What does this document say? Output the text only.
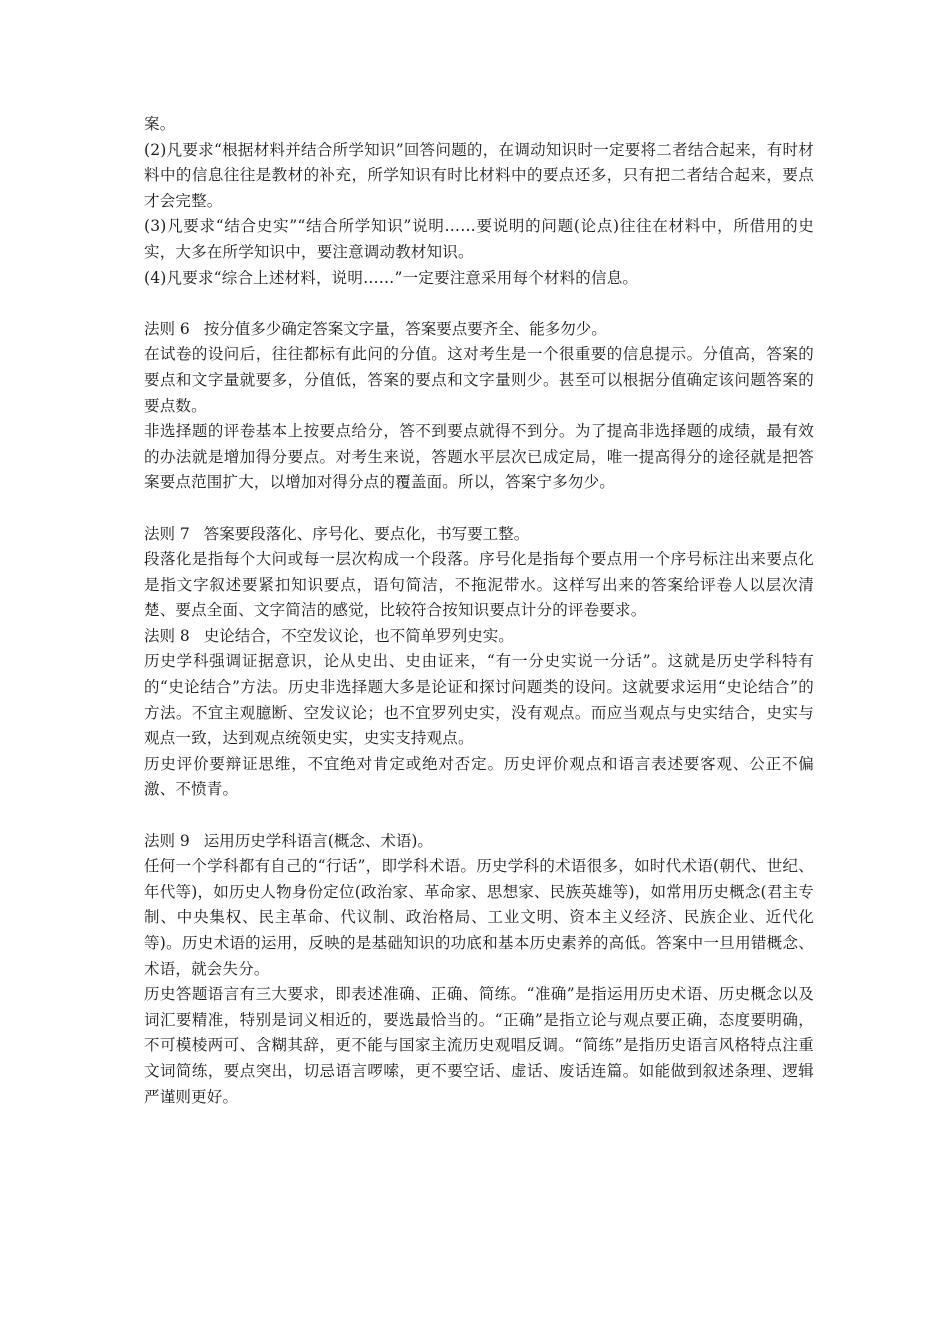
案。

(2)凡要求“根据材料并结合所学知识”回答问题的，在调动知识时一定要将二者结合起来，有时材料中的信息往往是教材的补充，所学知识有时比材料中的要点还多，只有把二者结合起来，要点才会完整。

(3)凡要求“结合史实”“结合所学知识”说明……要说明的问题(论点)往往在材料中，所借用的史实，大多在所学知识中，要注意调动教材知识。

(4)凡要求“综合上述材料，说明……”一定要注意采用每个材料的信息。

法则 6 按分值多少确定答案文字量，答案要点要齐全、能多勿少。

在试卷的设问后，往往都标有此问的分值。这对考生是一个很重要的信息提示。分值高，答案的要点和文字量就要多，分值低，答案的要点和文字量则少。甚至可以根据分值确定该问题答案的要点数。

非选择题的评卷基本上按要点给分，答不到要点就得不到分。为了提高非选择题的成绩，最有效的办法就是增加得分要点。对考生来说，答题水平层次已成定局，唯一提高得分的途径就是把答案要点范围扩大，以增加对得分点的覆盖面。所以，答案宁多勿少。

法则 7 答案要段落化、序号化、要点化，书写要工整。

段落化是指每个大问或每一层次构成一个段落。序号化是指每个要点用一个序号标注出来要点化是指文字叙述要紧扣知识要点，语句简洁，不拖泥带水。这样写出来的答案给评卷人以层次清楚、要点全面、文字简洁的感觉，比较符合按知识要点计分的评卷要求。

法则 8 史论结合，不空发议论，也不简单罗列史实。

历史学科强调证据意识，论从史出、史由证来，“有一分史实说一分话”。这就是历史学科特有的“史论结合”方法。历史非选择题大多是论证和探讨问题类的设问。这就要求运用“史论结合”的方法。不宜主观臆断、空发议论；也不宜罗列史实，没有观点。而应当观点与史实结合，史实与观点一致，达到观点统领史实，史实支持观点。

历史评价要辩证思维，不宜绝对肯定或绝对否定。历史评价观点和语言表述要客观、公正不偏激、不愤青。

法则 9 运用历史学科语言(概念、术语)。

任何一个学科都有自己的“行话”，即学科术语。历史学科的术语很多，如时代术语(朝代、世纪、年代等)，如历史人物身份定位(政治家、革命家、思想家、民族英雄等)，如常用历史概念(君主专制、中央集权、民主革命、代议制、政治格局、工业文明、资本主义经济、民族企业、近代化等)。历史术语的运用，反映的是基础知识的功底和基本历史素养的高低。答案中一旦用错概念、术语，就会失分。

历史答题语言有三大要求，即表述准确、正确、简练。“准确”是指运用历史术语、历史概念以及词汇要精准，特别是词义相近的，要选最恰当的。“正确”是指立论与观点要正确，态度要明确，不可模棱两可、含糊其辞，更不能与国家主流历史观唱反调。“简练”是指历史语言风格特点注重文词简练，要点突出，切忌语言啰嗦，更不要空话、虚话、废话连篇。如能做到叙述条理、逻辑严谨则更好。
